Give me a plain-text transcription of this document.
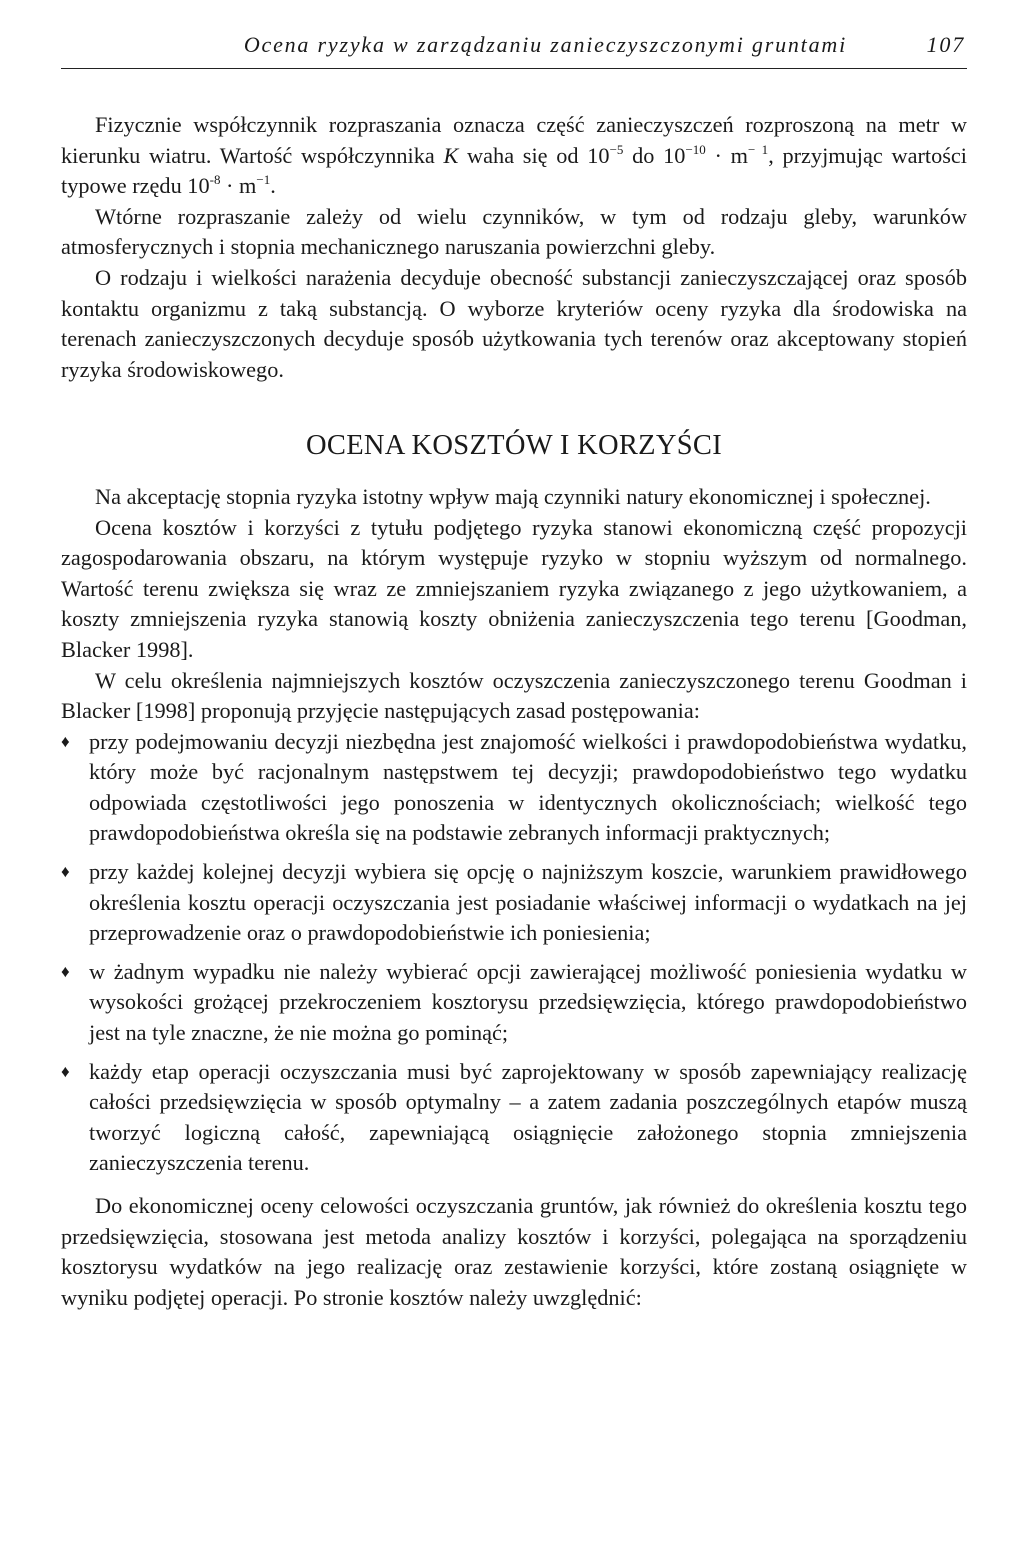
Ocena ryzyka w zarządzaniu zanieczyszczonymi gruntami	107

Fizycznie współczynnik rozpraszania oznacza część zanieczyszczeń rozproszoną na metr w kierunku wiatru. Wartość współczynnika K waha się od $10^{-5}$ do $10^{-10} \cdot m^{- 1}$, przyjmując wartości typowe rzędu $10^{-8} \cdot m^{-1}$.

Wtórne rozpraszanie zależy od wielu czynników, w tym od rodzaju gleby, warunków atmosferycznych i stopnia mechanicznego naruszania powierzchni gleby.

O rodzaju i wielkości narażenia decyduje obecność substancji zanieczyszczającej oraz sposób kontaktu organizmu z taką substancją. O wyborze kryteriów oceny ryzyka dla środowiska na terenach zanieczyszczonych decyduje sposób użytkowania tych terenów oraz akceptowany stopień ryzyka środowiskowego.

OCENA KOSZTÓW I KORZYŚCI

Na akceptację stopnia ryzyka istotny wpływ mają czynniki natury ekonomicznej i społecznej.

Ocena kosztów i korzyści z tytułu podjętego ryzyka stanowi ekonomiczną część propozycji zagospodarowania obszaru, na którym występuje ryzyko w stopniu wyższym od normalnego. Wartość terenu zwiększa się wraz ze zmniejszaniem ryzyka związanego z jego użytkowaniem, a koszty zmniejszenia ryzyka stanowią koszty obniżenia zanieczyszczenia tego terenu [Goodman, Blacker 1998].

W celu określenia najmniejszych kosztów oczyszczenia zanieczyszczonego terenu Goodman i Blacker [1998] proponują przyjęcie następujących zasad postępowania:

♦ przy podejmowaniu decyzji niezbędna jest znajomość wielkości i prawdopodobieństwa wydatku, który może być racjonalnym następstwem tej decyzji; prawdopodobieństwo tego wydatku odpowiada częstotliwości jego ponoszenia w identycznych okolicznościach; wielkość tego prawdopodobieństwa określa się na podstawie zebranych informacji praktycznych;
♦ przy każdej kolejnej decyzji wybiera się opcję o najniższym koszcie, warunkiem prawidłowego określenia kosztu operacji oczyszczania jest posiadanie właściwej informacji o wydatkach na jej przeprowadzenie oraz o prawdopodobieństwie ich poniesienia;
♦ w żadnym wypadku nie należy wybierać opcji zawierającej możliwość poniesienia wydatku w wysokości grożącej przekroczeniem kosztorysu przedsięwzięcia, którego prawdopodobieństwo jest na tyle znaczne, że nie można go pominąć;
♦ każdy etap operacji oczyszczania musi być zaprojektowany w sposób zapewniający realizację całości przedsięwzięcia w sposób optymalny – a zatem zadania poszczególnych etapów muszą tworzyć logiczną całość, zapewniającą osiągnięcie założonego stopnia zmniejszenia zanieczyszczenia terenu.

Do ekonomicznej oceny celowości oczyszczania gruntów, jak również do określenia kosztu tego przedsięwzięcia, stosowana jest metoda analizy kosztów i korzyści, polegająca na sporządzeniu kosztorysu wydatków na jego realizację oraz zestawienie korzyści, które zostaną osiągnięte w wyniku podjętej operacji. Po stronie kosztów należy uwzględnić:
